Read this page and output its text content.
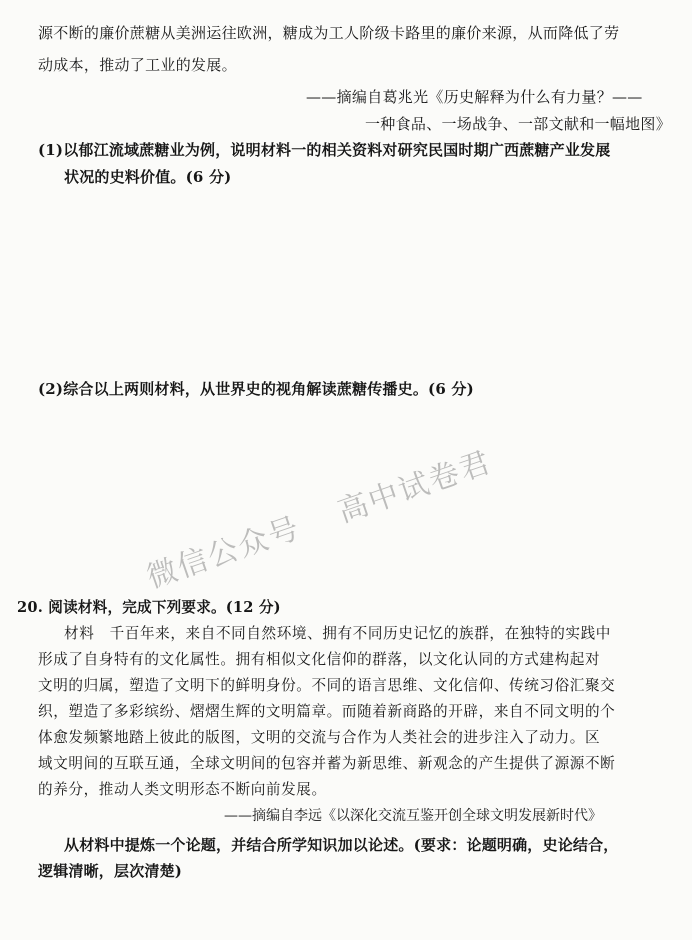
源不断的廉价蔗糖从美洲运往欧洲，糖成为工人阶级卡路里的廉价来源，从而降低了劳
动成本，推动了工业的发展。
——摘编自葛兆光《历史解释为什么有力量？——
一种食品、一场战争、一部文献和一幅地图》
(1)以郁江流域蔗糖业为例，说明材料一的相关资料对研究民国时期广西蔗糖产业发展
状况的史料价值。(6 分)
(2)综合以上两则材料，从世界史的视角解读蔗糖传播史。(6 分)
微信公众号高中试卷君
20. 阅读材料，完成下列要求。(12 分)
材料　千百年来，来自不同自然环境、拥有不同历史记忆的族群，在独特的实践中
形成了自身特有的文化属性。拥有相似文化信仰的群落，以文化认同的方式建构起对
文明的归属，塑造了文明下的鲜明身份。不同的语言思维、文化信仰、传统习俗汇聚交
织，塑造了多彩缤纷、熠熠生辉的文明篇章。而随着新商路的开辟，来自不同文明的个
体愈发频繁地踏上彼此的版图，文明的交流与合作为人类社会的进步注入了动力。区
域文明间的互联互通，全球文明间的包容并蓄为新思维、新观念的产生提供了源源不断
的养分，推动人类文明形态不断向前发展。
——摘编自李远《以深化交流互鉴开创全球文明发展新时代》
从材料中提炼一个论题，并结合所学知识加以论述。(要求：论题明确，史论结合，
逻辑清晰，层次清楚)
